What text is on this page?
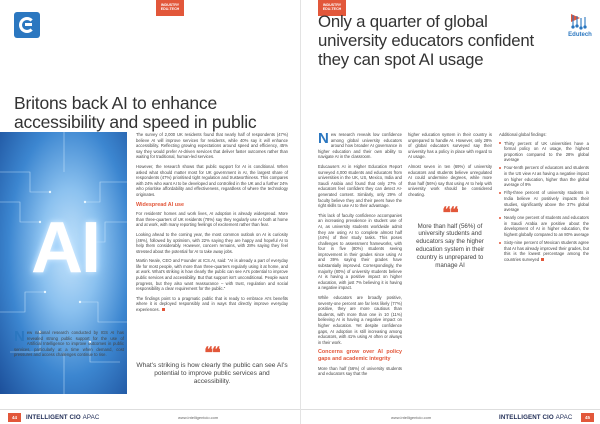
INDUSTRY
EDU-TECH
Britons back AI to enhance accessibility and speed in public
AI

New national research conducted by IGS AI has revealed strong public support for the use of Artificial Intelligence to improve outcomes in public services, particularly at a time when demand, cost pressures and access challenges continue to rise.

The survey of 2,000 UK residents found that nearly half of respondents (47%) believe AI will improve services for residents, while 40% say it will enhance accessibility. Reflecting growing expectations around speed and efficiency, 45% say they would prefer AI-driven services that deliver faster outcomes rather than waiting for traditional, human-led services.

However, the research shows that public support for AI is conditional. When asked what should matter most for UK government in AI, the largest share of respondents (47%) prioritised tight regulation and trustworthiness. This compares with 24% who want AI to be developed and controlled in the UK and a further 24% who prioritise affordability and effectiveness, regardless of where the technology originates.

Widespread AI use

For residents' homes and work lives, AI adoption is already widespread. More than three-quarters of UK residents (78%) say they regularly use AI both at home and at work, with many reporting feelings of excitement rather than fear.

Looking ahead to the coming year, the most common outlook on AI is curiosity (46%), followed by optimism, with 22% saying they are happy and hopeful AI to help them considerably. However, concern remains, with 28% saying they feel stressed about the potential for AI to take away jobs.

Martin Neale, CEO and Founder at ICS.AI, said: "AI is already a part of everyday life for most people, with more than three-quarters regularly using it at home, and at work. What's striking is how clearly the public can see AI's potential to improve public services and accessibility. But that support isn't unconditional. People want progress, but they also want reassurance – with trust, regulation and social responsibility a clear requirement for the public."

The findings point to a pragmatic public that is ready to embrace AI's benefits where it is deployed responsibly and in ways that directly improve everyday experiences.

❝❝
What's striking is how clearly the public can see AI's potential to improve public services and accessibility.
44	INTELLIGENT CIO APAC	www.intelligentcio.com
INDUSTRY
EDU-TECH
Edutech
Only a quarter of global university educators confident they can spot AI usage

New research reveals low confidence among global university educators around how broader AI governance in higher education and their own ability to navigate AI in the classroom.

Educause's AI in Higher Education Report surveyed 4,000 students and educators from universities in the UK, US, Mexico, India and Saudi Arabia and found that only 27% of educators feel confident they can detect AI-generated content. Similarly, only 29% of faculty believe they and their peers have the right skills to use AI to their advantage.

This lack of faculty confidence accompanies an increasing prevalence in student use of AI, as university students worldwide admit they are using AI to complete almost half (44%) of their study tasks. This poses challenges to assessment frameworks, with four in five (80%) students seeing improvement in their grades since using AI and 39% saying their grades have substantially improved. Correspondingly, the majority (80%) of university students believe AI is having a positive impact on higher education, with just 7% believing it is having a negative impact.

While educators are broadly positive, seventy-one percent are far less likely (77%) positive, they are more cautious than students, with more than one in 10 (11%) believing AI is having a negative impact on higher education. Yet despite confidence gaps, AI adoption is still increasing among educators, with 41% using AI often or always in their work.

Concerns grow over AI policy gaps and academic integrity

More than half (56%) of university students and educators say that the

higher education system in their country is unprepared to handle AI. However, only 28% of global educators surveyed say their university has a policy in place with regard to AI usage.

Almost seven in ten (69%) of university educators and students believe unregulated AI could undermine degrees, while more than half (56%) say that using AI to help with university work should be considered cheating.

❝❝
More than half (56%) of university students and educators say the higher education system in their country is unprepared to manage AI

Additional global findings:

Thirty percent of UK universities have a formal policy on AI usage, the highest proportion compared to the 28% global average
Four-tenth percent of educators and students in the US view AI as having a negative impact on higher education, higher than the global average of 9%
Fifty-three percent of university students in India believe AI positively impacts their studies, significantly above the 37% global average
Nearly one percent of students and educators in Saudi Arabia are positive about the development of AI in higher education, the highest globally compared to an 80% average
Sixty-nine percent of Mexican students agree that AI has already improved their grades, but this is the lowest percentage among the countries surveyed
www.intelligentcio.com	INTELLIGENT CIO APAC	45
